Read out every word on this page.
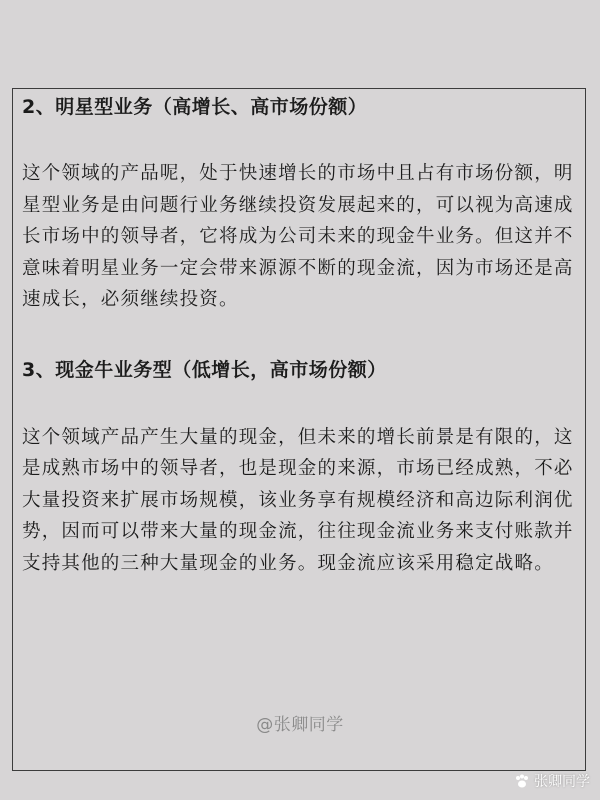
2、明星型业务（高增长、高市场份额）

这个领域的产品呢，处于快速增长的市场中且占有市场份额，明星型业务是由问题行业务继续投资发展起来的，可以视为高速成长市场中的领导者，它将成为公司未来的现金牛业务。但这并不意味着明星业务一定会带来源源不断的现金流，因为市场还是高速成长，必须继续投资。

3、现金牛业务型（低增长，高市场份额）

这个领域产品产生大量的现金，但未来的增长前景是有限的，这是成熟市场中的领导者，也是现金的来源，市场已经成熟，不必大量投资来扩展市场规模，该业务享有规模经济和高边际利润优势，因而可以带来大量的现金流，往往现金流业务来支付账款并支持其他的三种大量现金的业务。现金流应该采用稳定战略。

@张卿同学
张卿同学
